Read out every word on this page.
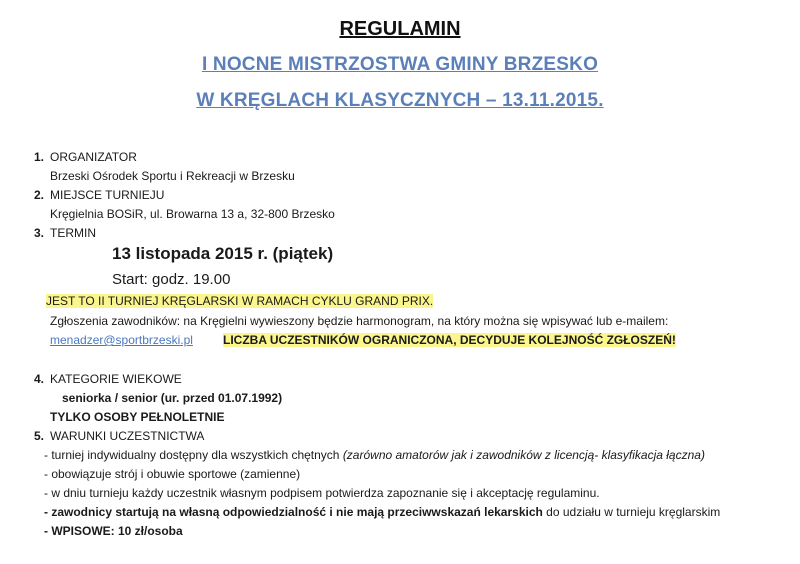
REGULAMIN
I NOCNE MISTRZOSTWA GMINY BRZESKO
W KRĘGLACH KLASYCZNYCH – 13.11.2015.
1. ORGANIZATOR
Brzeski Ośrodek Sportu i Rekreacji w Brzesku
2. MIEJSCE TURNIEJU
Kręgielnia BOSiR, ul. Browarna 13 a, 32-800 Brzesko
3. TERMIN
13 listopada 2015 r. (piątek)
Start: godz. 19.00
JEST TO II TURNIEJ KRĘGLARSKI W RAMACH CYKLU GRAND PRIX.
Zgłoszenia zawodników: na Kręgielni wywieszony będzie harmonogram, na który można się wpisywać lub e-mailem:
menadzer@sportbrzeski.pl	LICZBA UCZESTNIKÓW OGRANICZONA, DECYDUJE KOLEJNOŚĆ ZGŁOSZEŃ!
4. KATEGORIE WIEKOWE
seniorka / senior (ur. przed 01.07.1992)
TYLKO OSOBY PEŁNOLETNIE
5. WARUNKI UCZESTNICTWA
- turniej indywidualny dostępny dla wszystkich chętnych (zarówno amatorów jak i zawodników z licencją- klasyfikacja łączna)
- obowiązuje strój i obuwie sportowe (zamienne)
- w dniu turnieju każdy uczestnik własnym podpisem potwierdza zapoznanie się i akceptację regulaminu.
- zawodnicy startują na własną odpowiedzialność i nie mają przeciwwskazań lekarskich do udziału w turnieju kręglarskim
- WPISOWE: 10 zł/osoba
